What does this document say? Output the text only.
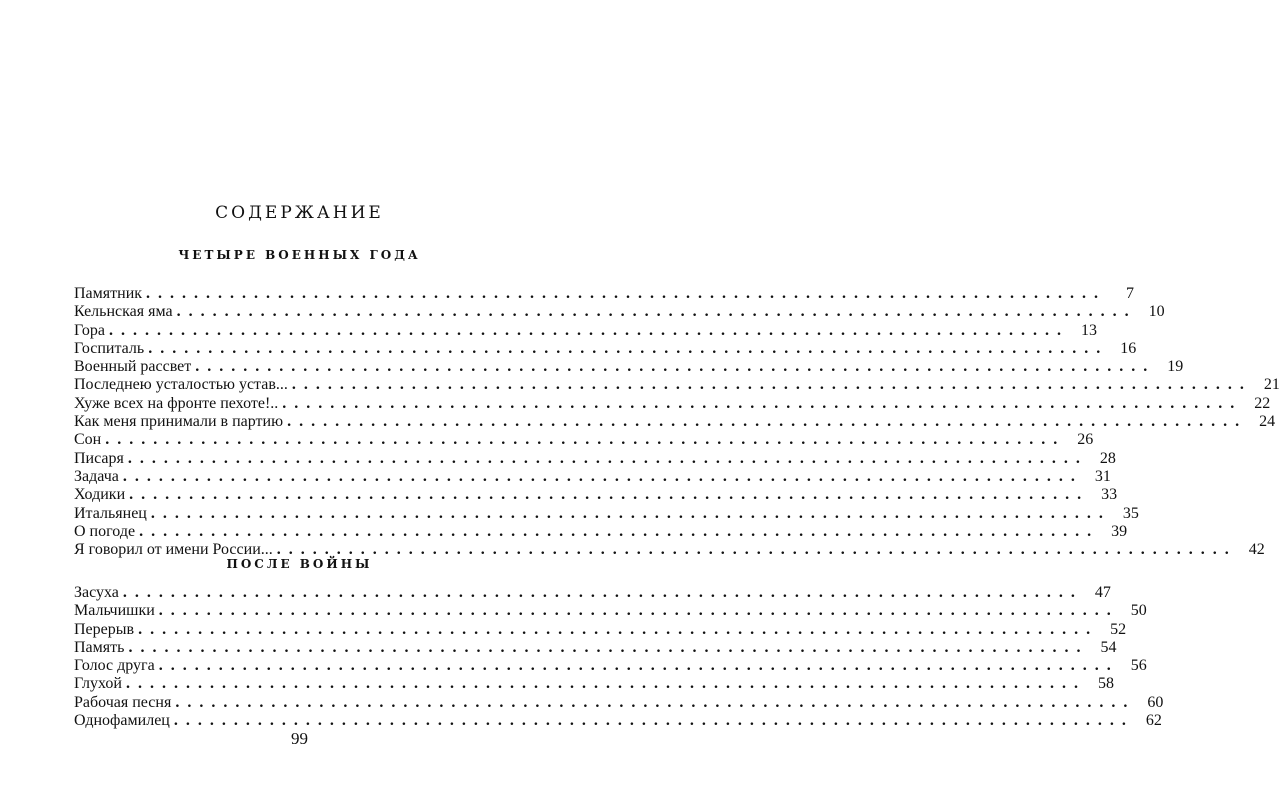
СОДЕРЖАНИЕ
ЧЕТЫРЕ ВОЕННЫХ ГОДА
Памятник ................................................................................	7
Кельнская яма ................................................................................ 10
Гора ................................................................................ 13
Госпиталь ................................................................................ 16
Военный рассвет ................................................................................ 19
Последнею усталостью устав... ................................................................................ 21
Хуже всех на фронте пехоте!.. ................................................................................ 22
Как меня принимали в партию ................................................................................ 24
Сон ................................................................................ 26
Писаря ................................................................................ 28
Задача ................................................................................ 31
Ходики ................................................................................ 33
Итальянец ................................................................................ 35
О погоде ................................................................................ 39
Я говорил от имени России... ................................................................................ 42
ПОСЛЕ ВОЙНЫ
Засуха ................................................................................ 47
Мальчишки ................................................................................ 50
Перерыв ................................................................................ 52
Память ................................................................................ 54
Голос друга ................................................................................ 56
Глухой ................................................................................ 58
Рабочая песня ................................................................................ 60
Однофамилец ................................................................................ 62
99
